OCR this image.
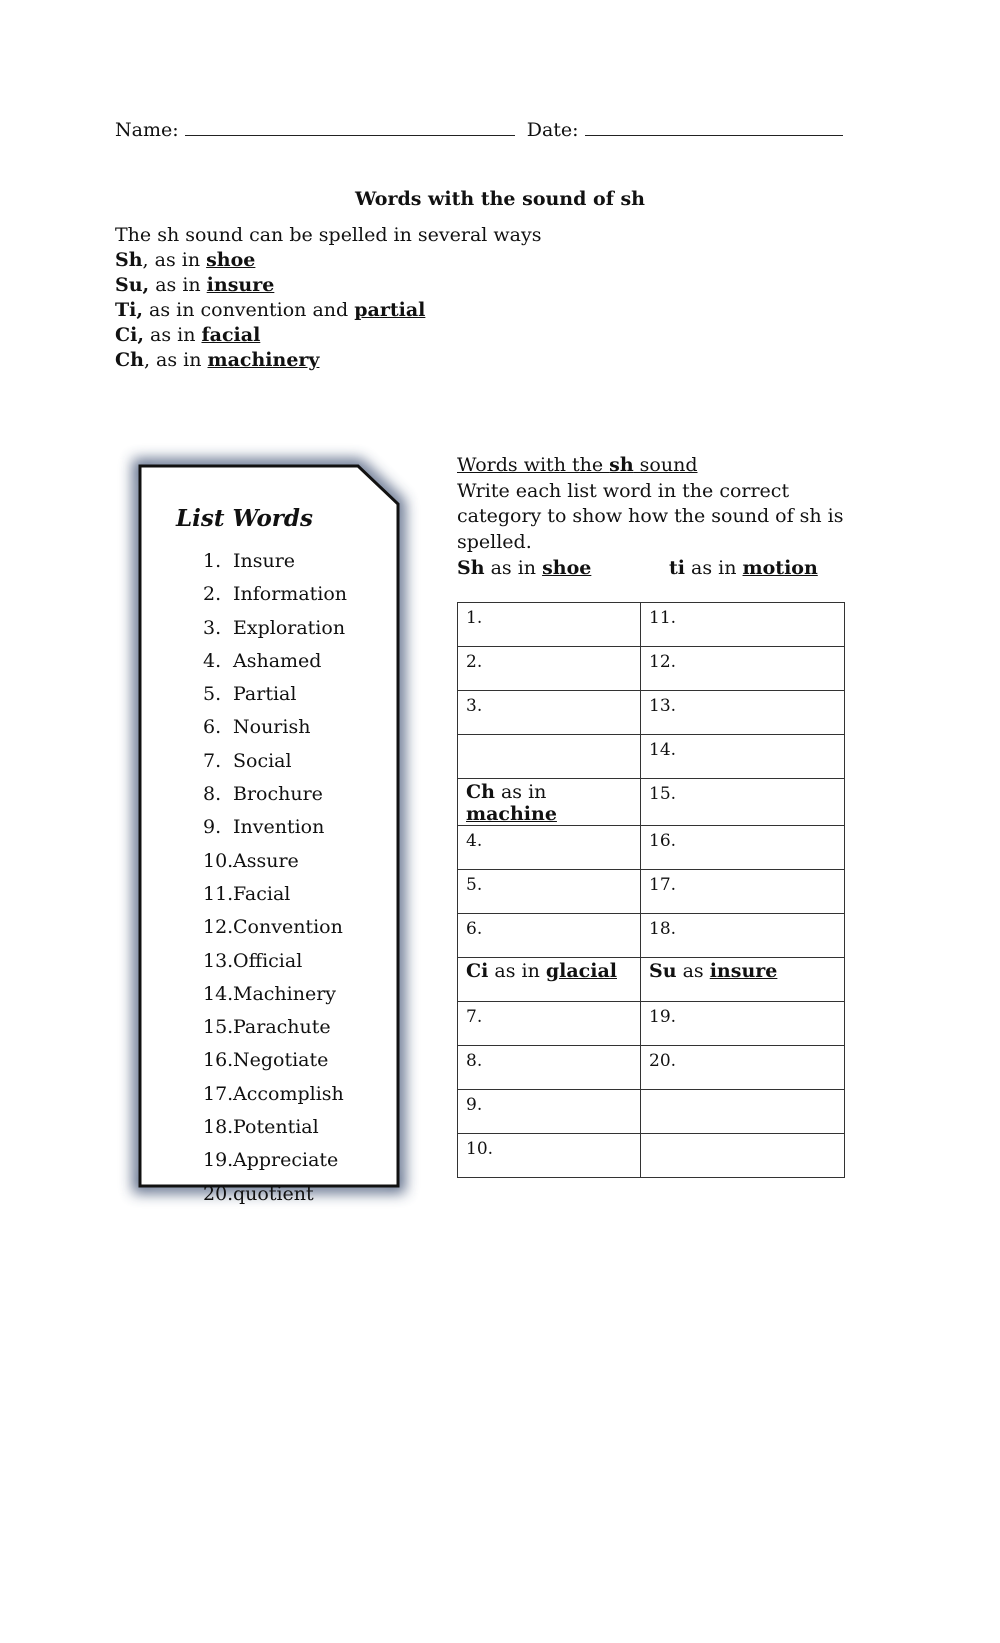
Name:	Date:
Words with the sound of sh
The sh sound can be spelled in several ways
Sh, as in shoe
Su, as in insure
Ti, as in convention and partial
Ci, as in facial
Ch, as in machinery
List Words
1. Insure
2. Information
3. Exploration
4. Ashamed
5. Partial
6. Nourish
7. Social
8. Brochure
9. Invention
10.Assure
11.Facial
12.Convention
13.Official
14.Machinery
15.Parachute
16.Negotiate
17.Accomplish
18.Potential
19.Appreciate
20.quotient
Words with the sh sound
Write each list word in the correct category to show how the sound of sh is spelled.
Sh as in shoe	ti as in motion
1.	11.
2.	12.
3.	13.
	14.
Ch as in machine	15.
4.	16.
5.	17.
6.	18.
Ci as in glacial	Su as insure
7.	19.
8.	20.
9.	
10.	
